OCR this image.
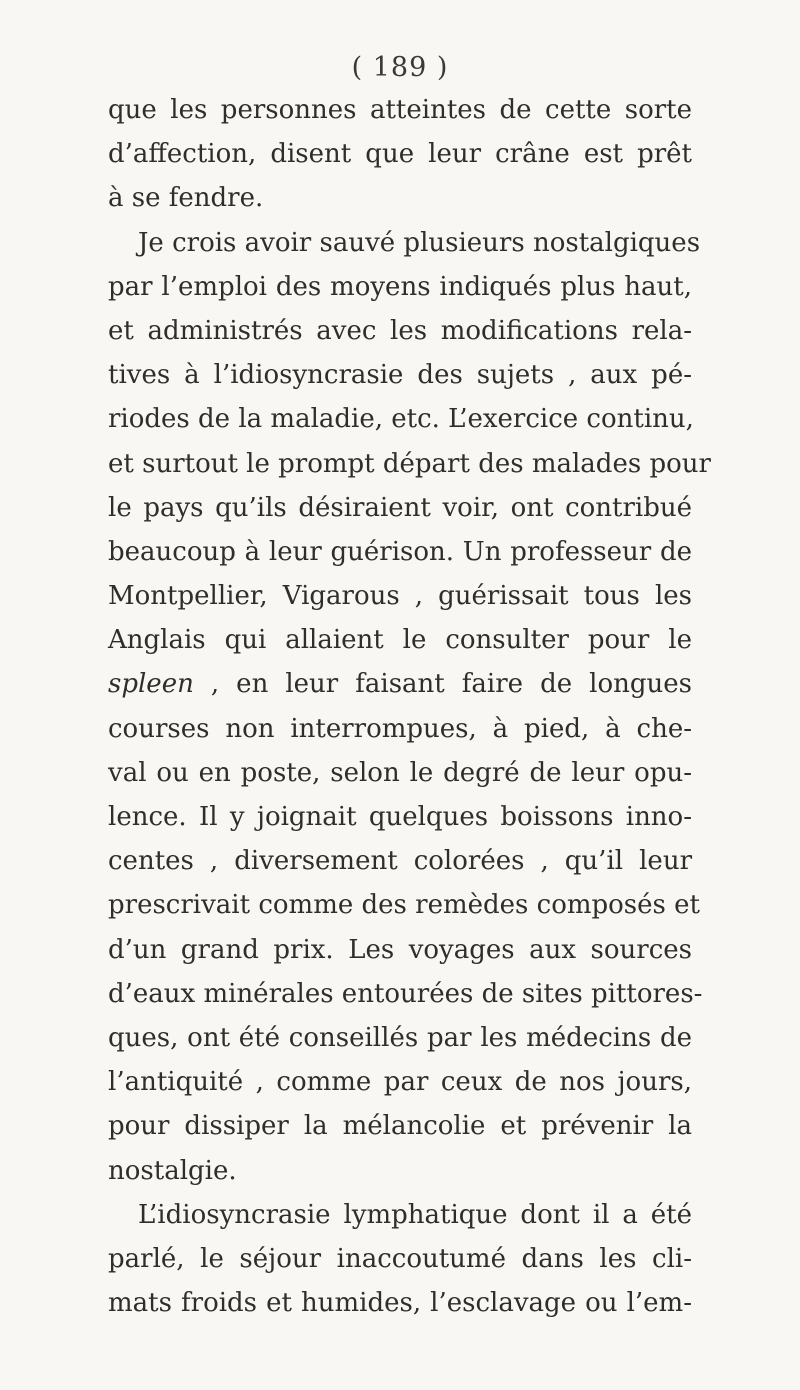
( 189 )
que les personnes atteintes de cette sorte
d’affection, disent que leur crâne est prêt
à se fendre.
Je crois avoir sauvé plusieurs nostalgiques
par l’emploi des moyens indiqués plus haut,
et administrés avec les modifications rela-
tives à l’idiosyncrasie des sujets , aux pé-
riodes de la maladie, etc. L’exercice continu,
et surtout le prompt départ des malades pour
le pays qu’ils désiraient voir, ont contribué
beaucoup à leur guérison. Un professeur de
Montpellier, Vigarous , guérissait tous les
Anglais qui allaient le consulter pour le
spleen , en leur faisant faire de longues
courses non interrompues, à pied, à che-
val ou en poste, selon le degré de leur opu-
lence. Il y joignait quelques boissons inno-
centes , diversement colorées , qu’il leur
prescrivait comme des remèdes composés et
d’un grand prix. Les voyages aux sources
d’eaux minérales entourées de sites pittores-
ques, ont été conseillés par les médecins de
l’antiquité , comme par ceux de nos jours,
pour dissiper la mélancolie et prévenir la
nostalgie.
L’idiosyncrasie lymphatique dont il a été
parlé, le séjour inaccoutumé dans les cli-
mats froids et humides, l’esclavage ou l’em-
